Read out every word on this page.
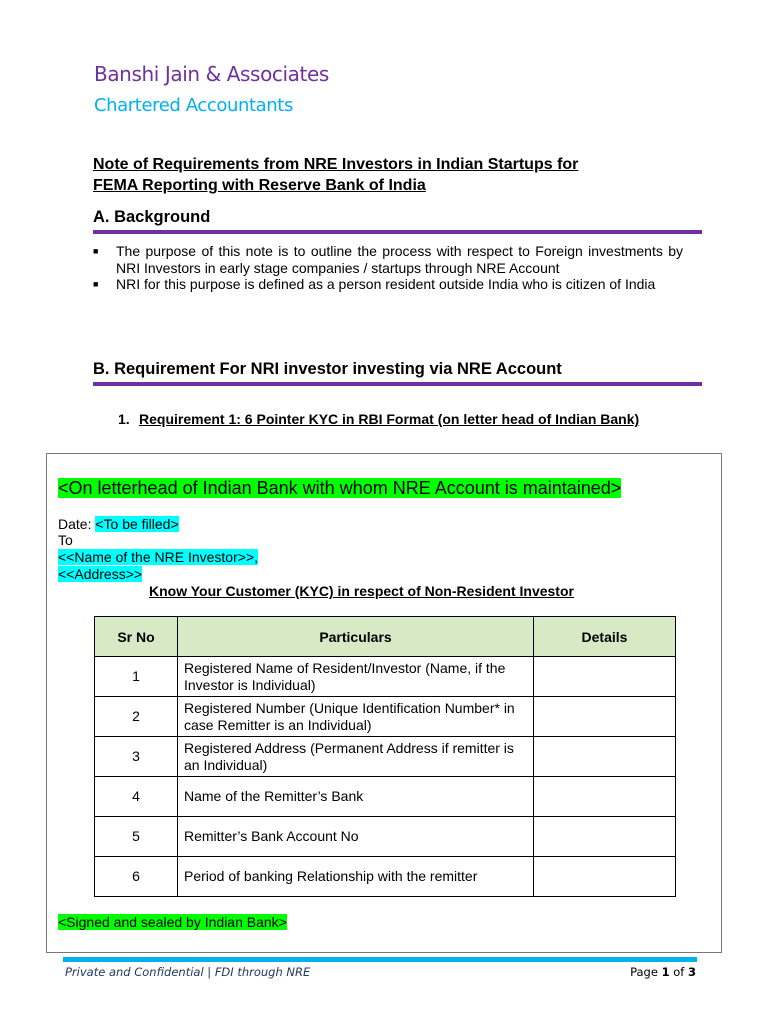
Banshi Jain & Associates
Chartered Accountants
Note of Requirements from NRE Investors in Indian Startups for
FEMA Reporting with Reserve Bank of India
A. Background
■ The purpose of this note is to outline the process with respect to Foreign investments by NRI Investors in early stage companies / startups through NRE Account
■ NRI for this purpose is defined as a person resident outside India who is citizen of India
B. Requirement For NRI investor investing via NRE Account
1. Requirement 1: 6 Pointer KYC in RBI Format (on letter head of Indian Bank)
<On letterhead of Indian Bank with whom NRE Account is maintained>
Date: <To be filled>
To
<<Name of the NRE Investor>>,
<<Address>>
Know Your Customer (KYC) in respect of Non-Resident Investor
Sr No	Particulars	Details
1	Registered Name of Resident/Investor (Name, if the Investor is Individual)	
2	Registered Number (Unique Identification Number* in case Remitter is an Individual)	
3	Registered Address (Permanent Address if remitter is an Individual)	
4	Name of the Remitter’s Bank	
5	Remitter’s Bank Account No	
6	Period of banking Relationship with the remitter	
<Signed and sealed by Indian Bank>
Private and Confidential | FDI through NRE	Page 1 of 3
